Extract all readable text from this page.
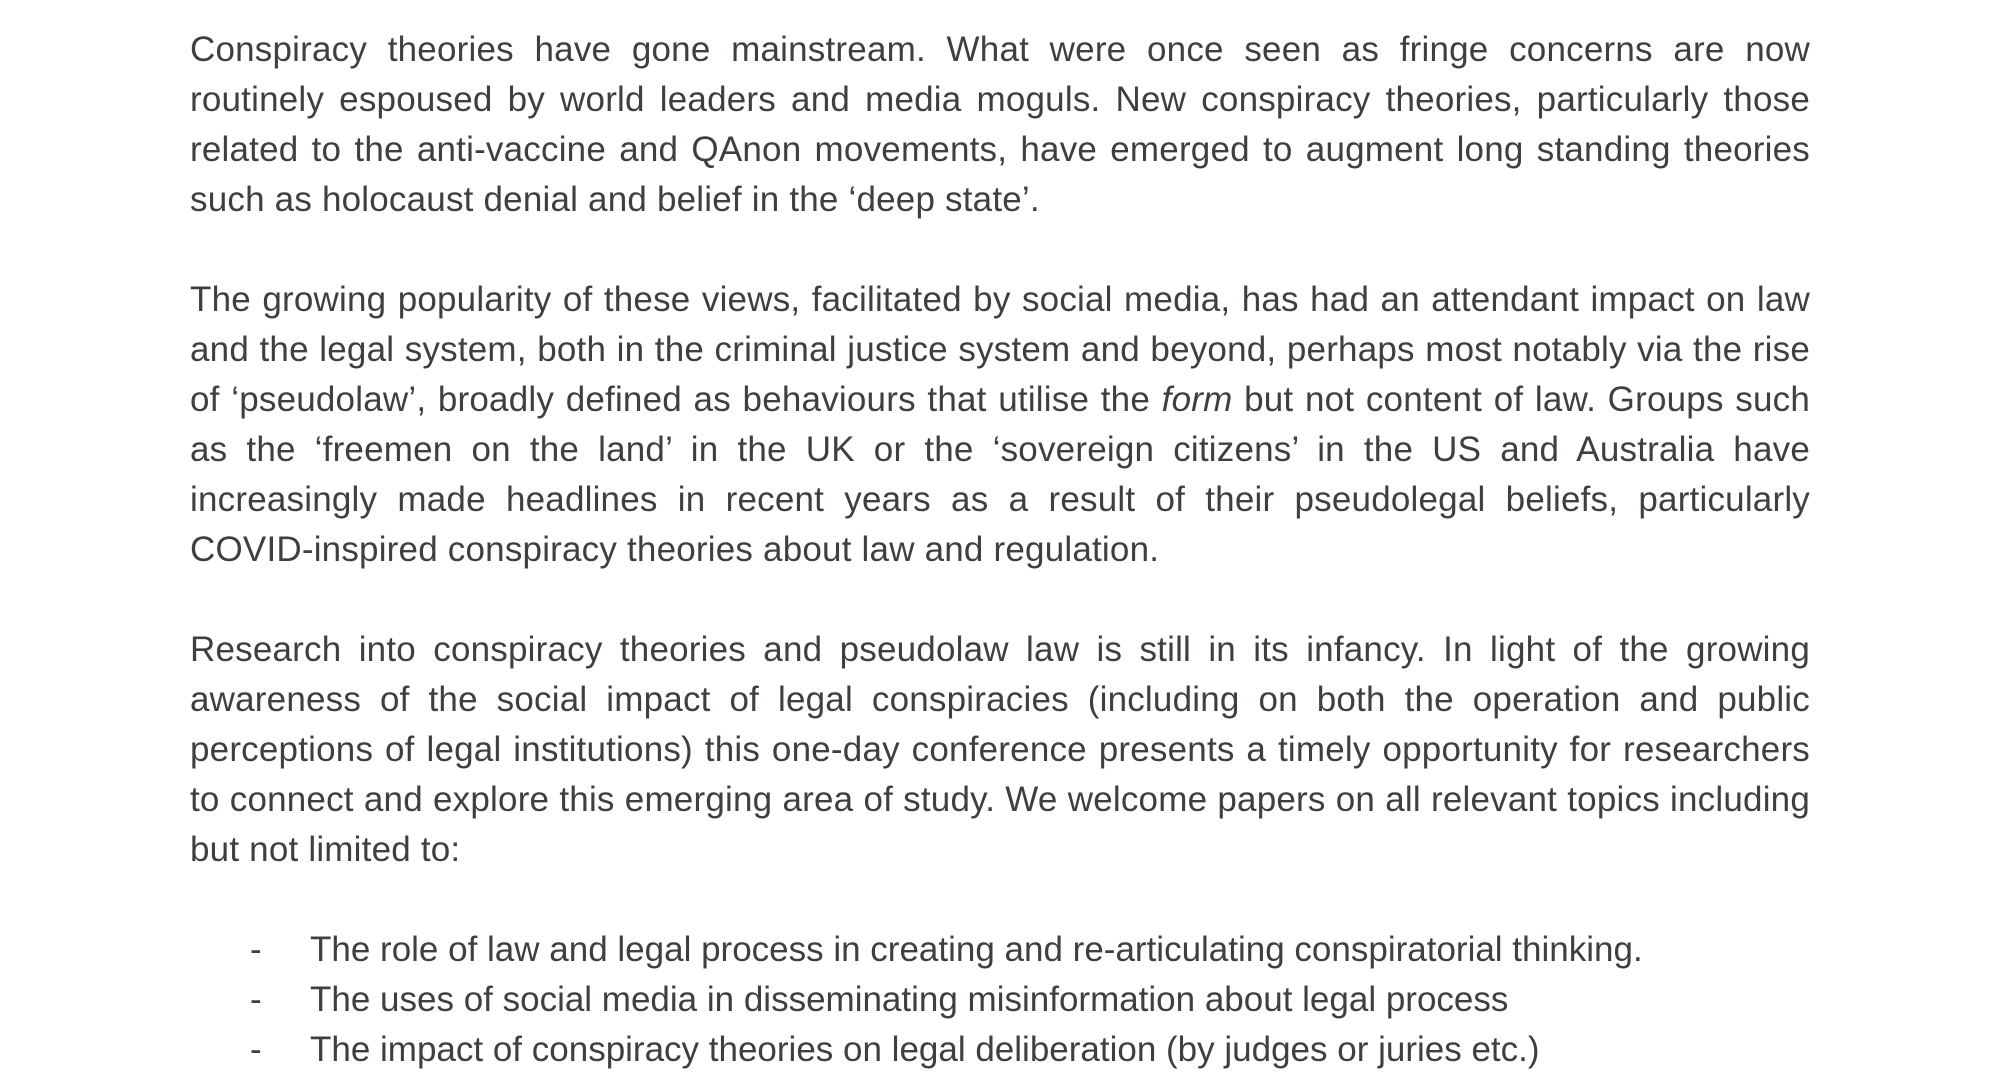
Conspiracy theories have gone mainstream. What were once seen as fringe concerns are now routinely espoused by world leaders and media moguls. New conspiracy theories, particularly those related to the anti-vaccine and QAnon movements, have emerged to augment long standing theories such as holocaust denial and belief in the ‘deep state’.

The growing popularity of these views, facilitated by social media, has had an attendant impact on law and the legal system, both in the criminal justice system and beyond, perhaps most notably via the rise of ‘pseudolaw’, broadly defined as behaviours that utilise the form but not content of law. Groups such as the ‘freemen on the land’ in the UK or the ‘sovereign citizens’ in the US and Australia have increasingly made headlines in recent years as a result of their pseudolegal beliefs, particularly COVID-inspired conspiracy theories about law and regulation.

Research into conspiracy theories and pseudolaw law is still in its infancy. In light of the growing awareness of the social impact of legal conspiracies (including on both the operation and public perceptions of legal institutions) this one-day conference presents a timely opportunity for researchers to connect and explore this emerging area of study. We welcome papers on all relevant topics including but not limited to:

-	The role of law and legal process in creating and re-articulating conspiratorial thinking.
-	The uses of social media in disseminating misinformation about legal process
-	The impact of conspiracy theories on legal deliberation (by judges or juries etc.)
